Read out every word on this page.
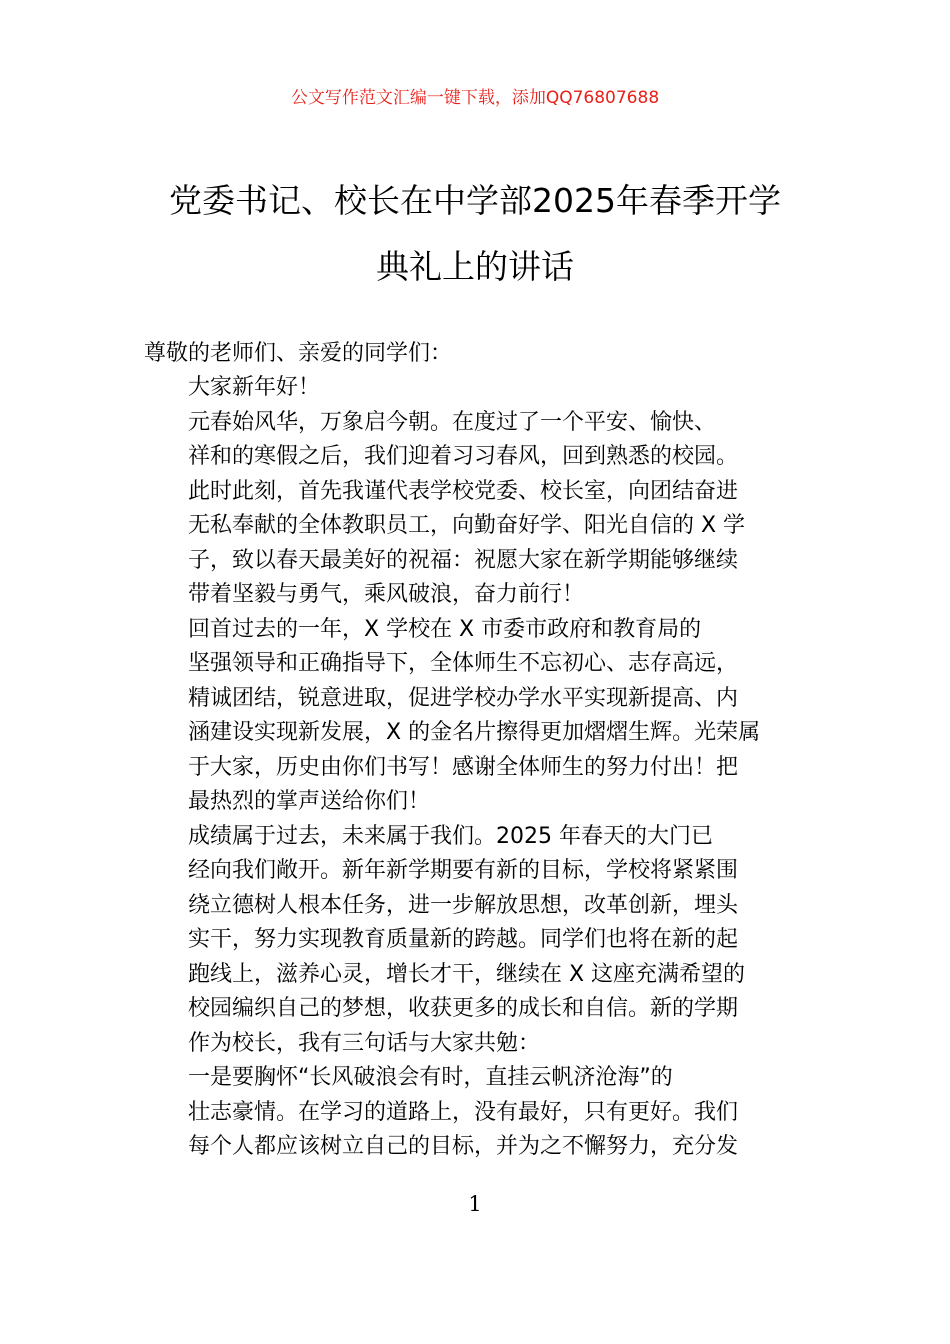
公文写作范文汇编一键下载，添加QQ76807688
党委书记、校长在中学部2025年春季开学
典礼上的讲话
尊敬的老师们、亲爱的同学们：

大家新年好！

元春始风华，万象启今朝。在度过了一个平安、愉快、
祥和的寒假之后，我们迎着习习春风，回到熟悉的校园。
此时此刻，首先我谨代表学校党委、校长室，向团结奋进
无私奉献的全体教职员工，向勤奋好学、阳光自信的 X 学
子，致以春天最美好的祝福：祝愿大家在新学期能够继续
带着坚毅与勇气，乘风破浪，奋力前行！

回首过去的一年，X 学校在 X 市委市政府和教育局的
坚强领导和正确指导下，全体师生不忘初心、志存高远，
精诚团结，锐意进取，促进学校办学水平实现新提高、内
涵建设实现新发展，X 的金名片擦得更加熠熠生辉。光荣属
于大家，历史由你们书写！感谢全体师生的努力付出！把
最热烈的掌声送给你们！

成绩属于过去，未来属于我们。2025 年春天的大门已
经向我们敞开。新年新学期要有新的目标，学校将紧紧围
绕立德树人根本任务，进一步解放思想，改革创新，埋头
实干，努力实现教育质量新的跨越。同学们也将在新的起
跑线上，滋养心灵，增长才干，继续在 X 这座充满希望的
校园编织自己的梦想，收获更多的成长和自信。新的学期
作为校长，我有三句话与大家共勉：

一是要胸怀“长风破浪会有时，直挂云帆济沧海”的
壮志豪情。在学习的道路上，没有最好，只有更好。我们
每个人都应该树立自己的目标，并为之不懈努力，充分发

1
